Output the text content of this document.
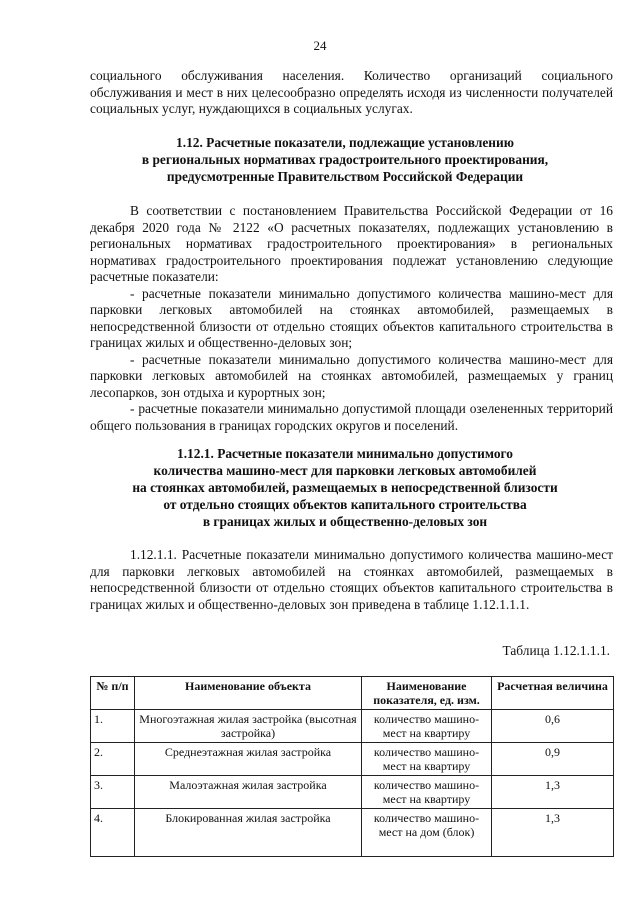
24

социального обслуживания населения. Количество организаций социального обслуживания и мест в них целесообразно определять исходя из численности получателей социальных услуг, нуждающихся в социальных услугах.

1.12. Расчетные показатели, подлежащие установлению
в региональных нормативах градостроительного проектирования,
предусмотренные Правительством Российской Федерации

В соответствии с постановлением Правительства Российской Федерации от 16 декабря 2020 года № 2122 «О расчетных показателях, подлежащих установлению в региональных нормативах градостроительного проектирования» в региональных нормативах градостроительного проектирования подлежат установлению следующие расчетные показатели:

- расчетные показатели минимально допустимого количества машино-мест для парковки легковых автомобилей на стоянках автомобилей, размещаемых в непосредственной близости от отдельно стоящих объектов капитального строительства в границах жилых и общественно-деловых зон;

- расчетные показатели минимально допустимого количества машино-мест для парковки легковых автомобилей на стоянках автомобилей, размещаемых у границ лесопарков, зон отдыха и курортных зон;

- расчетные показатели минимально допустимой площади озелененных территорий общего пользования в границах городских округов и поселений.

1.12.1. Расчетные показатели минимально допустимого
количества машино-мест для парковки легковых автомобилей
на стоянках автомобилей, размещаемых в непосредственной близости
от отдельно стоящих объектов капитального строительства
в границах жилых и общественно-деловых зон

1.12.1.1. Расчетные показатели минимально допустимого количества машино-мест для парковки легковых автомобилей на стоянках автомобилей, размещаемых в непосредственной близости от отдельно стоящих объектов капитального строительства в границах жилых и общественно-деловых зон приведена в таблице 1.12.1.1.1.

Таблица 1.12.1.1.1.
№ п/п	Наименование объекта	Наименование показателя, ед. изм.	Расчетная величина
1.	Многоэтажная жилая застройка (высотная застройка)	количество машино-мест на квартиру	0,6
2.	Среднеэтажная жилая застройка	количество машино-мест на квартиру	0,9
3.	Малоэтажная жилая застройка	количество машино-мест на квартиру	1,3
4.	Блокированная жилая застройка	количество машино-мест на дом (блок)	1,3
